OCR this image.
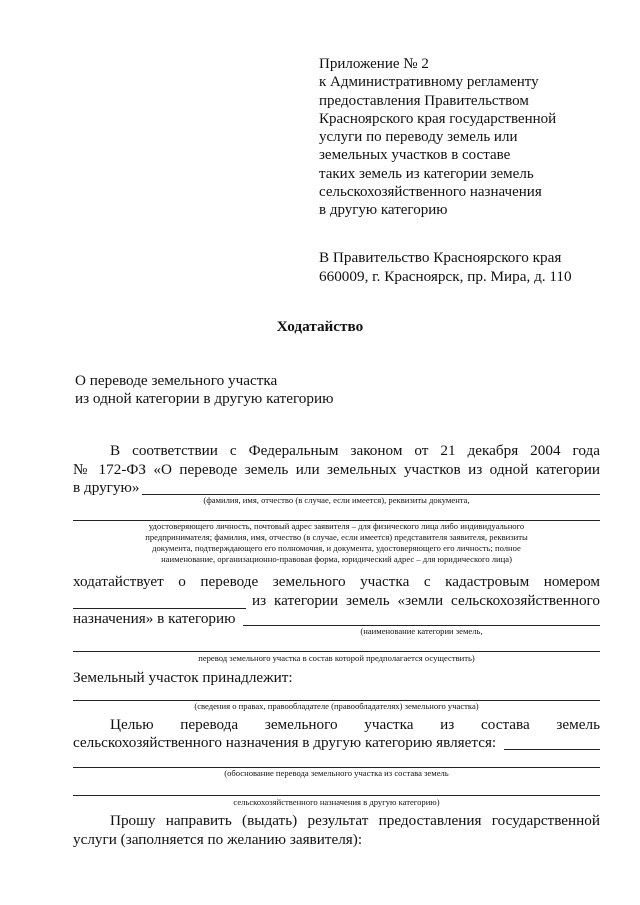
Приложение № 2
к Административному регламенту
предоставления Правительством
Красноярского края государственной
услуги по переводу земель или
земельных участков в составе
таких земель из категории земель
сельскохозяйственного назначения
в другую категорию
В Правительство Красноярского края
660009, г. Красноярск, пр. Мира, д. 110
Ходатайство
О переводе земельного участка
из одной категории в другую категорию
В соответствии с Федеральным законом от 21 декабря 2004 года
№ 172-ФЗ «О переводе земель или земельных участков из одной категории
в другую»
(фамилия, имя, отчество (в случае, если имеется), реквизиты документа,
удостоверяющего личность, почтовый адрес заявителя – для физического лица либо индивидуального
предпринимателя; фамилия, имя, отчество (в случае, если имеется) представителя заявителя, реквизиты
документа, подтверждающего его полномочия, и документа, удостоверяющего его личность; полное
наименование, организационно-правовая форма, юридический адрес – для юридического лица)
ходатайствует о переводе земельного участка с кадастровым номером
из категории земель «земли сельскохозяйственного
назначения» в категорию
(наименование категории земель,
перевод земельного участка в состав которой предполагается осуществить)
Земельный участок принадлежит:
(сведения о правах, правообладателе (правообладателях) земельного участка)
Целью перевода земельного участка из состава земель
сельскохозяйственного назначения в другую категорию является:
(обоснование перевода земельного участка из состава земель
сельскохозяйственного назначения в другую категорию)
Прошу направить (выдать) результат предоставления государственной
услуги (заполняется по желанию заявителя):
